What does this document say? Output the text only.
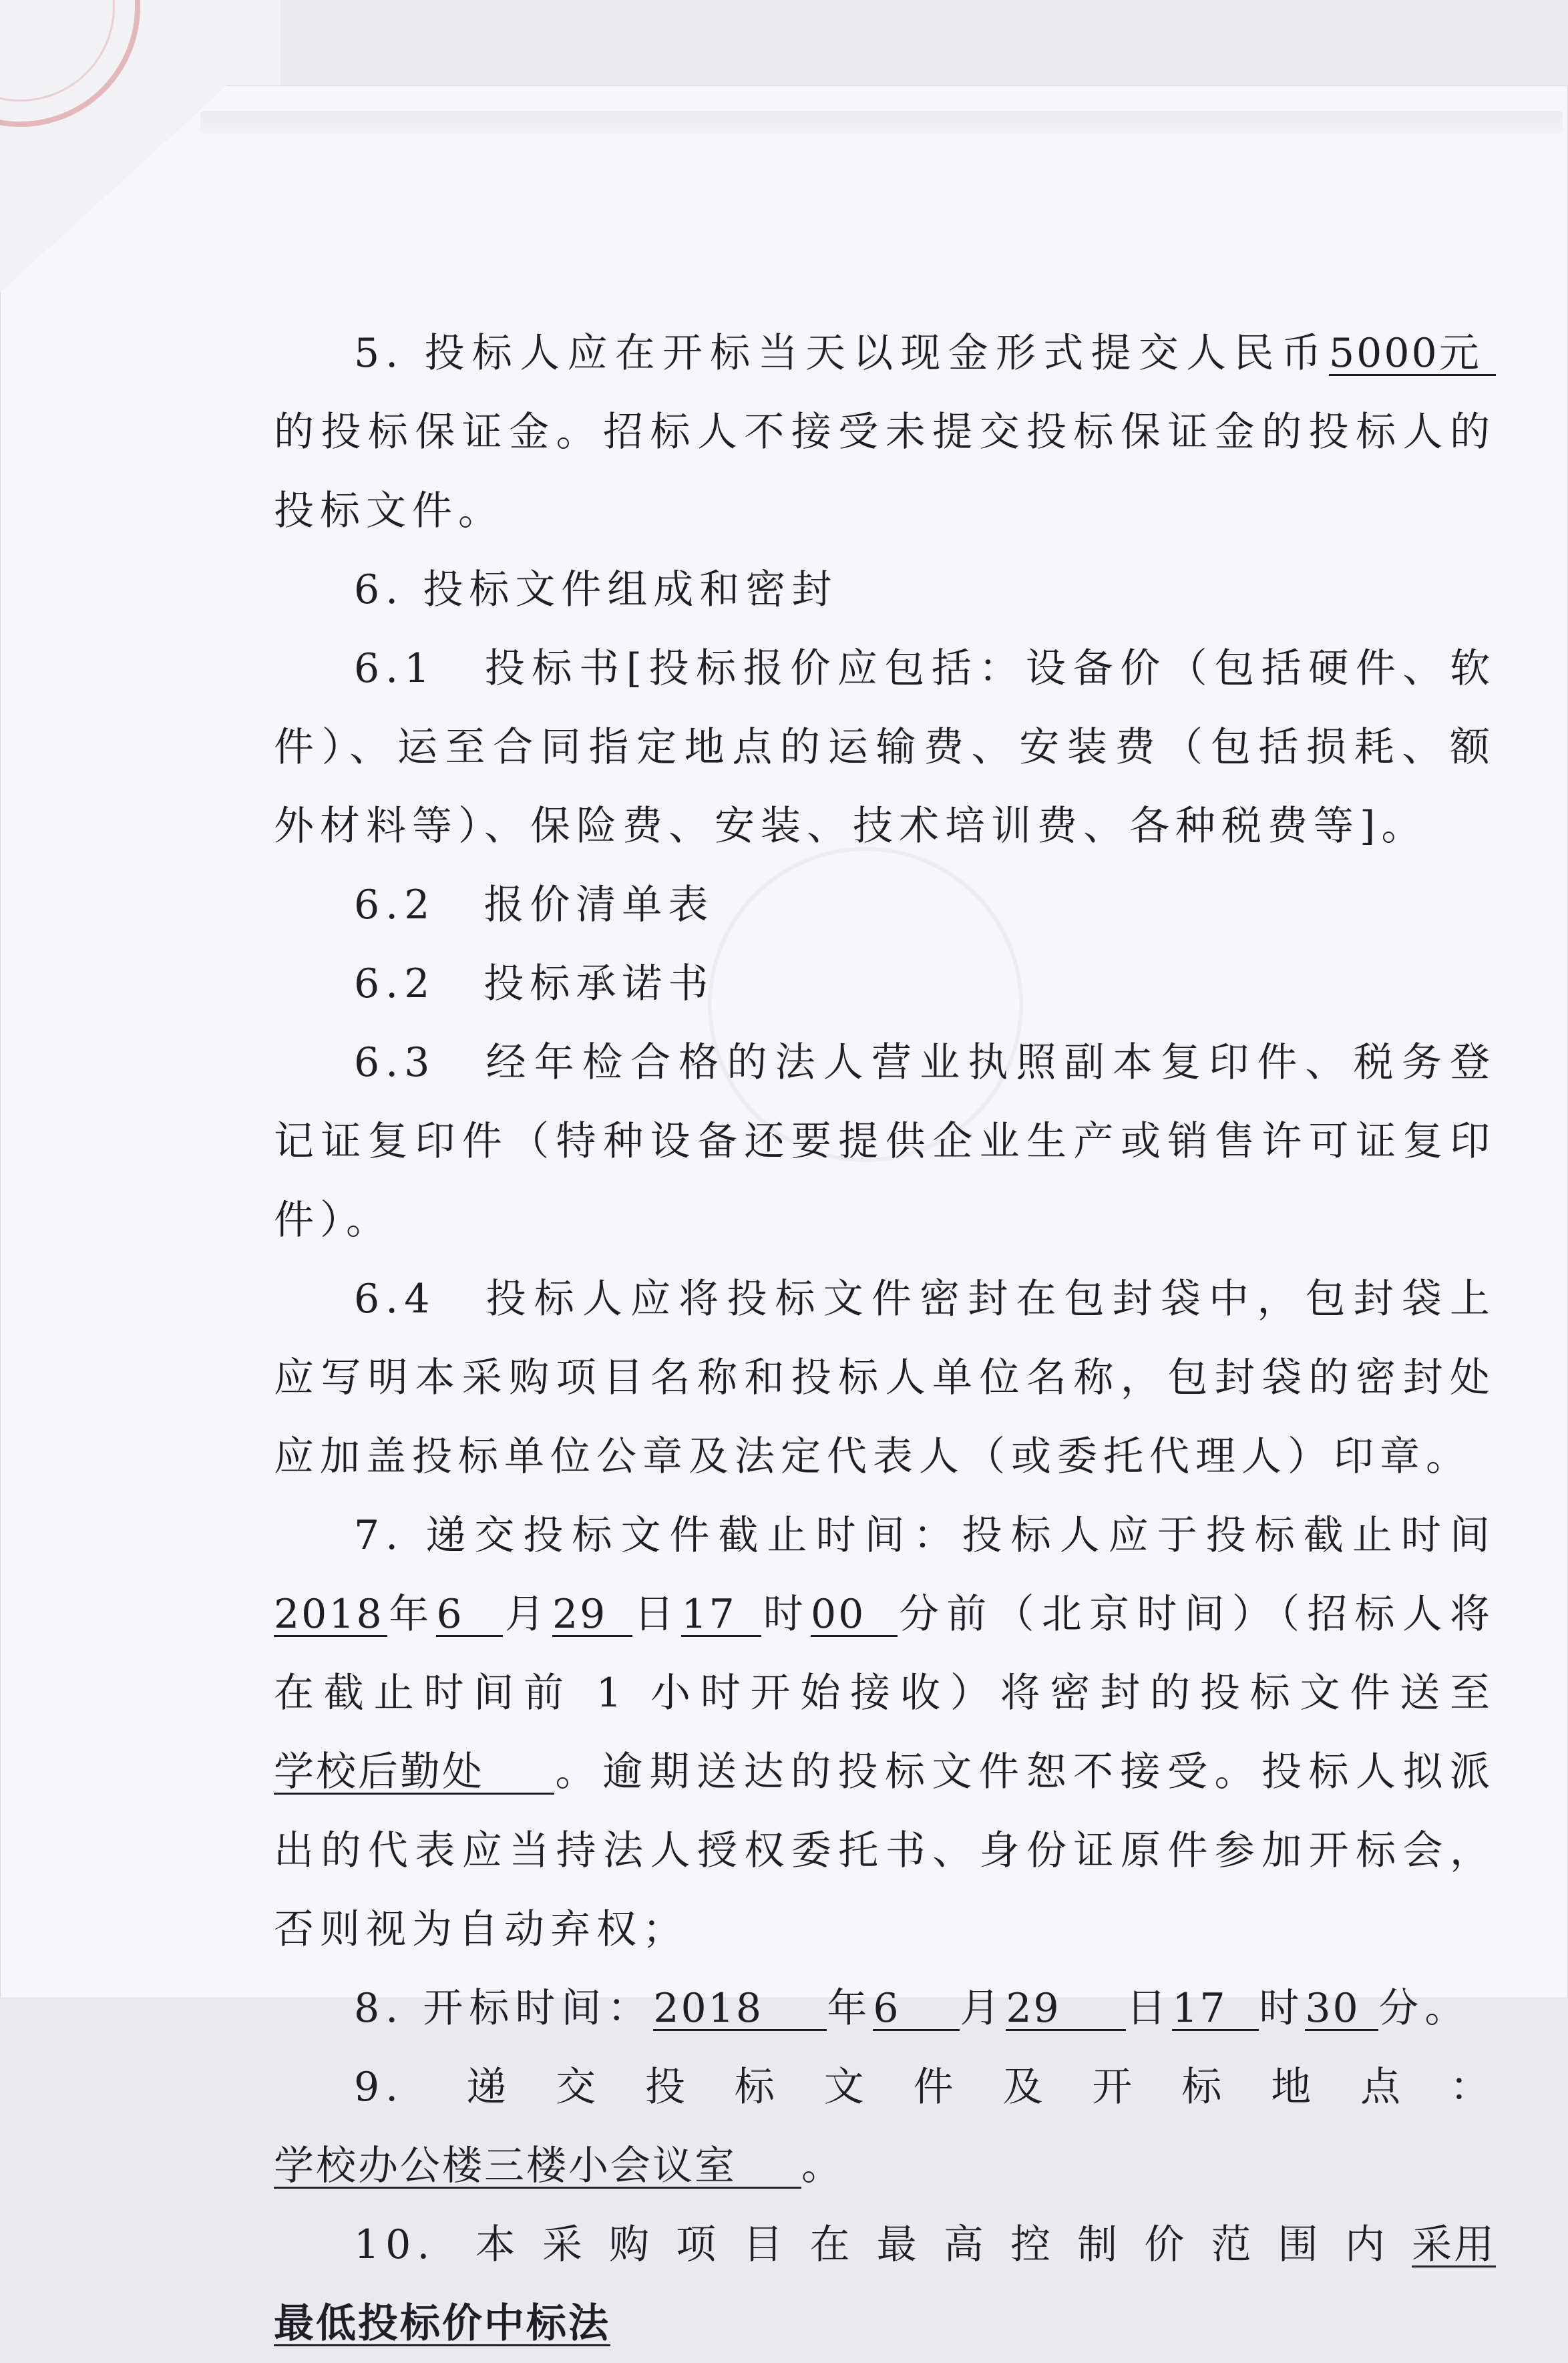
5. 投标人应在开标当天以现金形式提交人民币5000元的投标保证金。招标人不接受未提交投标保证金的投标人的投标文件。

6. 投标文件组成和密封

6.1 投标书[投标报价应包括：设备价（包括硬件、软件）、运至合同指定地点的运输费、安装费（包括损耗、额外材料等）、保险费、安装、技术培训费、各种税费等]。

6.2 报价清单表

6.2 投标承诺书

6.3 经年检合格的法人营业执照副本复印件、税务登记证复印件（特种设备还要提供企业生产或销售许可证复印件）。

6.4 投标人应将投标文件密封在包封袋中，包封袋上应写明本采购项目名称和投标人单位名称，包封袋的密封处应加盖投标单位公章及法定代表人（或委托代理人）印章。

7. 递交投标文件截止时间：投标人应于投标截止时间2018年6 月29 日17 时00 分前（北京时间）（招标人将在截止时间前 1 小时开始接收）将密封的投标文件送至学校后勤处 。逾期送达的投标文件恕不接受。投标人拟派出的代表应当持法人授权委托书、身份证原件参加开标会，否则视为自动弃权；

8. 开标时间：2018 年6 月29 日17 时30 分。

9. 递交投标文件及开标地点：学校办公楼三楼小会议室 。

10. 本采购项目在最高控制价范围内采用最低投标价中标法
